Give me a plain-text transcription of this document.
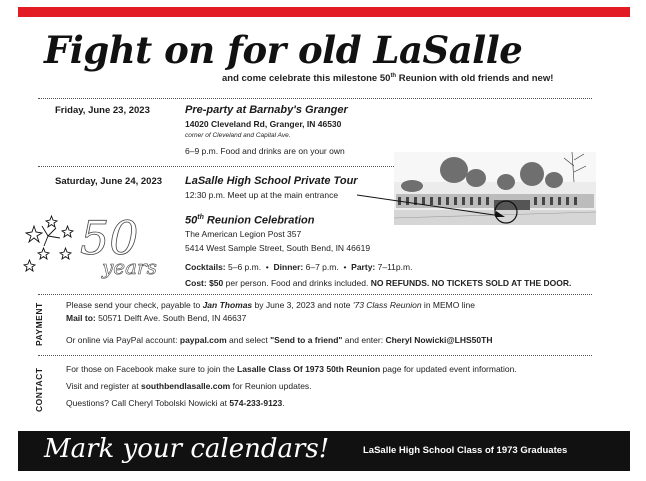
Fight on for old LaSalle
and come celebrate this milestone 50th Reunion with old friends and new!
Friday, June 23, 2023	Pre-party at Barnaby's Granger
14020 Cleveland Rd, Granger, IN 46530
corner of Cleveland and Capital Ave.
6–9 p.m. Food and drinks are on your own
Saturday, June 24, 2023 LaSalle High School Private Tour
12:30 p.m. Meet up at the main entrance
50
years
50th Reunion Celebration
The American Legion Post 357
5414 West Sample Street, South Bend, IN 46619
Cocktails: 5–6 p.m.  •  Dinner: 6–7 p.m.  •  Party: 7–11p.m.
Cost: $50 per person. Food and drinks included. NO REFUNDS. NO TICKETS SOLD AT THE DOOR.
PAYMENT	Please send your check, payable to Jan Thomas by June 3, 2023 and note '73 Class Reunion in MEMO line
Mail to: 50571 Delft Ave. South Bend, IN 46637
Or online via PayPal account: paypal.com and select "Send to a friend" and enter: Cheryl Nowicki@LHS50TH
CONTACT	For those on Facebook make sure to join the Lasalle Class Of 1973 50th Reunion page for updated event information.
Visit and register at southbendlasalle.com for Reunion updates.
Questions? Call Cheryl Tobolski Nowicki at 574-233-9123.
Mark your calendars!	LaSalle High School Class of 1973 Graduates
